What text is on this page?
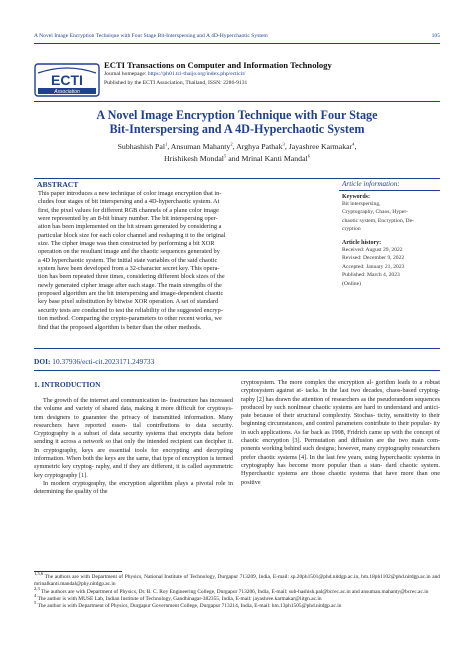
A Novel Image Encryption Technique with Four Stage Bit-Interspersing and A 4D-Hyperchaotic System	105
ECTI
Association
ECTI Transactions on Computer and Information Technology
Journal homepage: https://ph01.tci-thaijo.org/index.php/ecticit/
Published by the ECTI Association, Thailand, ISSN: 2286-9131
A Novel Image Encryption Technique with Four Stage
Bit-Interspersing and A 4D-Hyperchaotic System
Subhashish Pal$^1$, Ansuman Mahanty$^2$, Arghya Pathak$^3$, Jayashree Karmakar$^4$,
Hrishikesh Mondal$^5$ and Mrinal Kanti Mandal$^6$
ABSTRACT
This paper introduces a new technique of color image encryption that in-
cludes four stages of bit interspersing and a 4D-hyperchaotic system. At
first, the pixel values for different RGB channels of a plane color image
were represented by an 8-bit binary number. The bit interspersing oper-
ation has been implemented on the bit stream generated by considering a
particular block size for each color channel and reshaping it to the original
size. The cipher image was then constructed by performing a bit XOR
operation on the resultant image and the chaotic sequences generated by
a 4D hyperchaotic system. The initial state variables of the said chaotic
system have been developed from a 32-character secret key. This opera-
tion has been repeated three times, considering different block sizes of the
newly generated cipher image after each stage. The main strengths of the
proposed algorithm are the bit interspersing and image-dependent chaotic
key base pixel substitution by bitwise XOR operation. A set of standard
security tests are conducted to test the reliability of the suggested encryp-
tion method. Comparing the crypto-parameters to other recent works, we
find that the proposed algorithm is better than the other methods.
Article information:
Keywords:
Bit interspersing,
Cryptography, Chaos, Hyper-
chaotic system, Encryption, De-
cryption
Article history:
Received: August 29, 2022
Revised: December 9, 2022
Accepted: January 21, 2023
Published: March 4, 2023
(Online)
DOI: 10.37936/ecti-cit.2023171.249733
1. INTRODUCTION

The growth of the internet and communication in- frastructure has increased the volume and variety of shared data, making it more difficult for cryptosys- tem designers to guarantee the privacy of transmitted information. Many researchers have reported essen- tial contributions to data security. Cryptography is a subset of data security systems that encrypts data before sending it across a network so that only the intended recipient can decipher it. In cryptography, keys are essential tools for encrypting and decrypting information. When both the keys are the same, that type of encryption is termed symmetric key cryptog- raphy, and if they are different, it is called asymmetric key cryptography [1].

In modern cryptography, the encryption algorithm plays a pivotal role in determining the quality of the

cryptosystem. The more complex the encryption al- gorithm leads to a robust cryptosystem against at- tacks. In the last two decades, chaos-based cryptog- raphy [2] has drawn the attention of researchers as the pseudorandom sequences produced by such nonlinear chaotic systems are hard to understand and antici- pate because of their structural complexity. Stochas- ticity, sensitivity to their beginning circumstances, and control parameters contribute to their popular- ity in such applications. As far back as 1998, Fridrich came up with the concept of chaotic encryption [3]. Permutation and diffusion are the two main com- ponents working behind such designs; however, many cryptography researchers prefer chaotic systems [4]. In the last few years, using hyperchaotic systems in cryptography has become more popular than a stan- dard chaotic system. Hyperchaotic systems are those chaotic systems that have more than one positive

$^{1,5,6}$ The authors are with Department of Physics, National Institute of Technology, Durgapur 713209, India, E-mail: sp.20ph1501@phd.nitdgp.ac.in, hm.18ph1102@phd.nitdgp.ac.in and mrinalkanti.mandal@phy.nitdgp.ac.in
$^{2,3}$ The authors are with Department of Physics, Dr. B. C. Roy Engineering College, Durgapur 713206, India, E-mail: sub-hashish.pal@bcrec.ac.in and ansuman.mahanty@bcrec.ac.in
$^4$ The author is with MUSE Lab, Indian Institute of Technology, Gandhinagar-382355, India, E-mail: jayashree.karmakar@iitgn.ac.in
$^5$ The author is with Department of Physics, Durgapur Government College, Durgapur 713214, India, E-mail: hm.13ph1505@phd.nitdgp.ac.in
